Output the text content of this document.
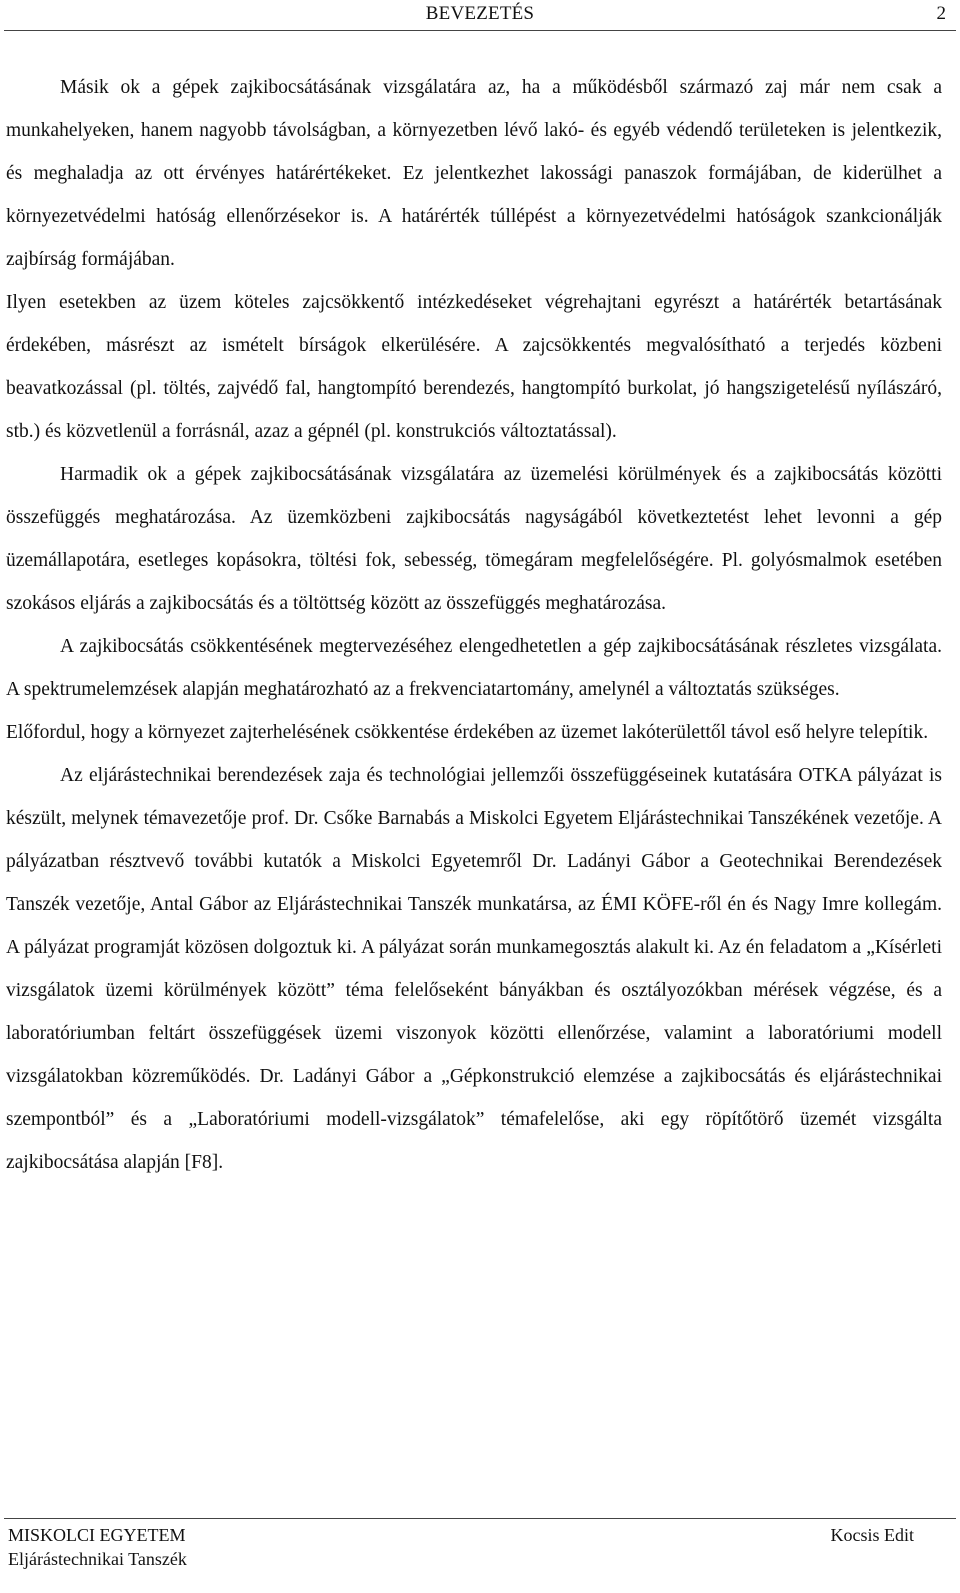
BEVEZETÉS	2

Másik ok a gépek zajkibocsátásának vizsgálatára az, ha a működésből származó zaj már nem csak a munkahelyeken, hanem nagyobb távolságban, a környezetben lévő lakó- és egyéb védendő területeken is jelentkezik, és meghaladja az ott érvényes határértékeket. Ez jelentkezhet lakossági panaszok formájában, de kiderülhet a környezetvédelmi hatóság ellenőrzésekor is. A határérték túllépést a környezetvédelmi hatóságok szankcionálják zajbírság formájában.

Ilyen esetekben az üzem köteles zajcsökkentő intézkedéseket végrehajtani egyrészt a határérték betartásának érdekében, másrészt az ismételt bírságok elkerülésére. A zajcsökkentés megvalósítható a terjedés közbeni beavatkozással (pl. töltés, zajvédő fal, hangtompító berendezés, hangtompító burkolat, jó hangszigetelésű nyílászáró, stb.) és közvetlenül a forrásnál, azaz a gépnél (pl. konstrukciós változtatással).

Harmadik ok a gépek zajkibocsátásának vizsgálatára az üzemelési körülmények és a zajkibocsátás közötti összefüggés meghatározása. Az üzemközbeni zajkibocsátás nagyságából következtetést lehet levonni a gép üzemállapotára, esetleges kopásokra, töltési fok, sebesség, tömegáram megfelelőségére. Pl. golyósmalmok esetében szokásos eljárás a zajkibocsátás és a töltöttség között az összefüggés meghatározása.

A zajkibocsátás csökkentésének megtervezéséhez elengedhetetlen a gép zajkibocsátásának részletes vizsgálata. A spektrumelemzések alapján meghatározható az a frekvenciatartomány, amelynél a változtatás szükséges.

Előfordul, hogy a környezet zajterhelésének csökkentése érdekében az üzemet lakóterülettől távol eső helyre telepítik.

Az eljárástechnikai berendezések zaja és technológiai jellemzői összefüggéseinek kutatására OTKA pályázat is készült, melynek témavezetője prof. Dr. Csőke Barnabás a Miskolci Egyetem Eljárástechnikai Tanszékének vezetője. A pályázatban résztvevő további kutatók a Miskolci Egyetemről Dr. Ladányi Gábor a Geotechnikai Berendezések Tanszék vezetője, Antal Gábor az Eljárástechnikai Tanszék munkatársa, az ÉMI KÖFE-ről én és Nagy Imre kollegám. A pályázat programját közösen dolgoztuk ki. A pályázat során munkamegosztás alakult ki. Az én feladatom a „Kísérleti vizsgálatok üzemi körülmények között” téma felelőseként bányákban és osztályozókban mérések végzése, és a laboratóriumban feltárt összefüggések üzemi viszonyok közötti ellenőrzése, valamint a laboratóriumi modell vizsgálatokban közreműködés. Dr. Ladányi Gábor a „Gépkonstrukció elemzése a zajkibocsátás és eljárástechnikai szempontból” és a „Laboratóriumi modell-vizsgálatok” témafelelőse, aki egy röpítőtörő üzemét vizsgálta zajkibocsátása alapján [F8].

MISKOLCI EGYETEM
Eljárástechnikai Tanszék
Kocsis Edit
